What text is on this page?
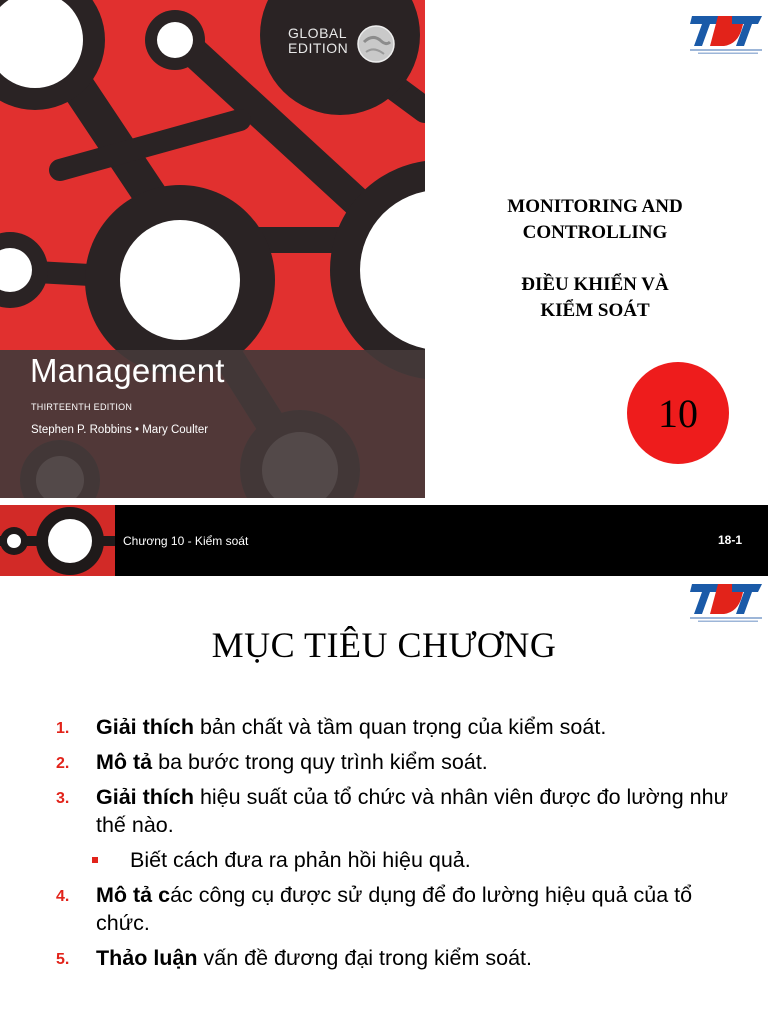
GLOBAL
EDITION
Management
THIRTEENTH EDITION
Stephen P. Robbins • Mary Coulter
MONITORING AND
CONTROLLING
ĐIỀU KHIỂN VÀ
KIỂM SOÁT
10
Chương 10 - Kiểm soát	18-1
MỤC TIÊU CHƯƠNG
1. Giải thích bản chất và tầm quan trọng của kiểm soát.
2. Mô tả ba bước trong quy trình kiểm soát.
3. Giải thích hiệu suất của tổ chức và nhân viên được đo lường như thế nào.
Biết cách đưa ra phản hồi hiệu quả.
4. Mô tả các công cụ được sử dụng để đo lường hiệu quả của tổ chức.
5. Thảo luận vấn đề đương đại trong kiểm soát.
